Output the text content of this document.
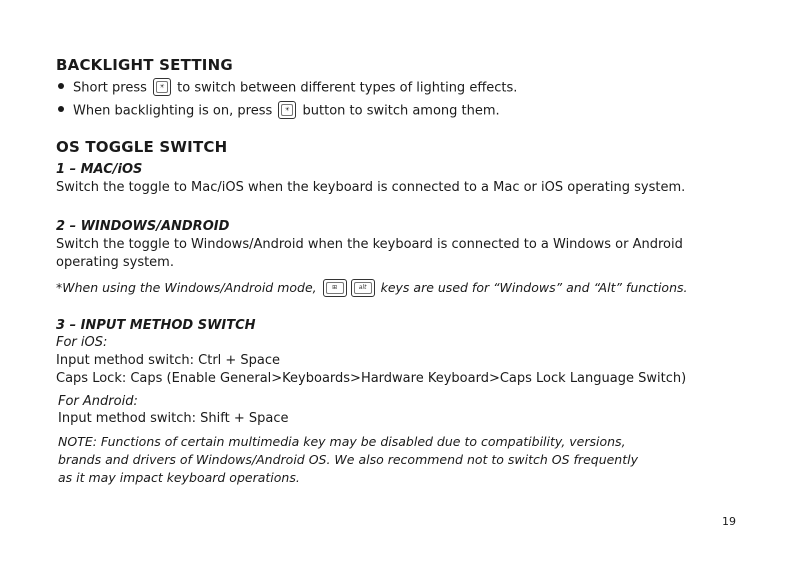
BACKLIGHT SETTING
Short press	☀ to switch between different types of lighting effects.
When backlighting is on, press	☀ button to switch among them.
OS TOGGLE SWITCH
1 – MAC/iOS
Switch the toggle to Mac/iOS when the keyboard is connected to a Mac or iOS operating system.
2 – WINDOWS/ANDROID
Switch the toggle to Windows/Android when the keyboard is connected to a Windows or Android
operating system.
*When using the Windows/Android mode,	⊞	alt	keys are used for “Windows” and “Alt” functions.
3 – INPUT METHOD SWITCH
For iOS:
Input method switch: Ctrl + Space
Caps Lock: Caps (Enable General>Keyboards>Hardware Keyboard>Caps Lock Language Switch)
For Android:
Input method switch: Shift + Space
NOTE: Functions of certain multimedia key may be disabled due to compatibility, versions,
brands and drivers of Windows/Android OS. We also recommend not to switch OS frequently
as it may impact keyboard operations.
19
